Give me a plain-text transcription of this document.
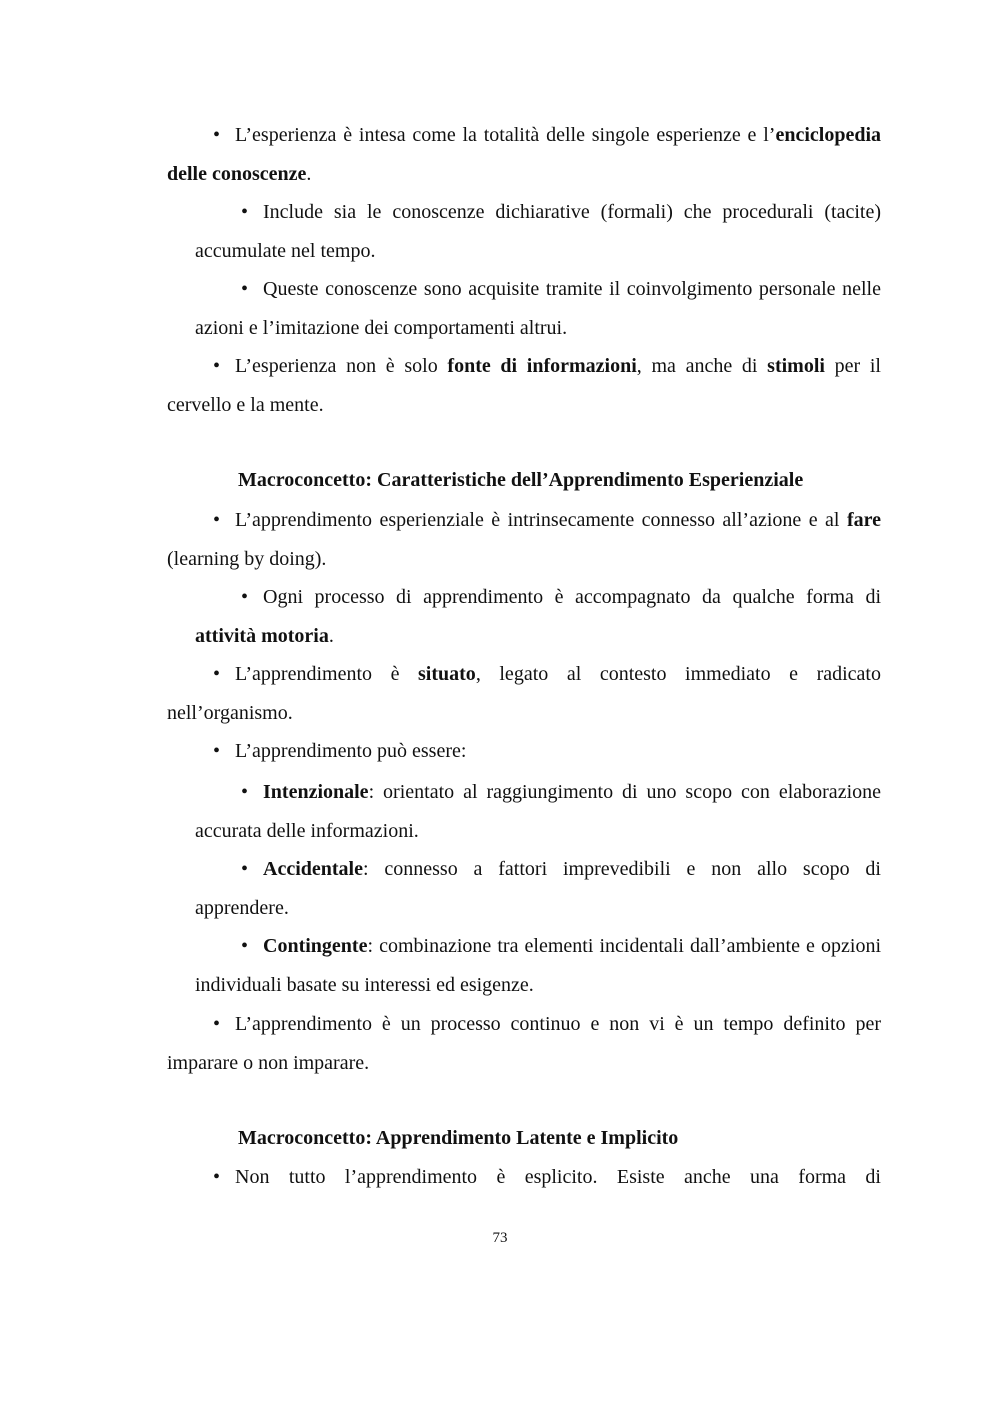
• L’esperienza è intesa come la totalità delle singole esperienze e l’enciclopedia delle conoscenze.
• Include sia le conoscenze dichiarative (formali) che procedurali (tacite) accumulate nel tempo.
• Queste conoscenze sono acquisite tramite il coinvolgimento personale nelle azioni e l’imitazione dei comportamenti altrui.
• L’esperienza non è solo fonte di informazioni, ma anche di stimoli per il cervello e la mente.
Macroconcetto: Caratteristiche dell’Apprendimento Esperienziale
• L’apprendimento esperienziale è intrinsecamente connesso all’azione e al fare (learning by doing).
• Ogni processo di apprendimento è accompagnato da qualche forma di attività motoria.
• L’apprendimento è situato, legato al contesto immediato e radicato nell’organismo.
• L’apprendimento può essere:
• Intenzionale: orientato al raggiungimento di uno scopo con elaborazione accurata delle informazioni.
• Accidentale: connesso a fattori imprevedibili e non allo scopo di apprendere.
• Contingente: combinazione tra elementi incidentali dall’ambiente e opzioni individuali basate su interessi ed esigenze.
• L’apprendimento è un processo continuo e non vi è un tempo definito per imparare o non imparare.
Macroconcetto: Apprendimento Latente e Implicito
• Non tutto l’apprendimento è esplicito. Esiste anche una forma di
73
